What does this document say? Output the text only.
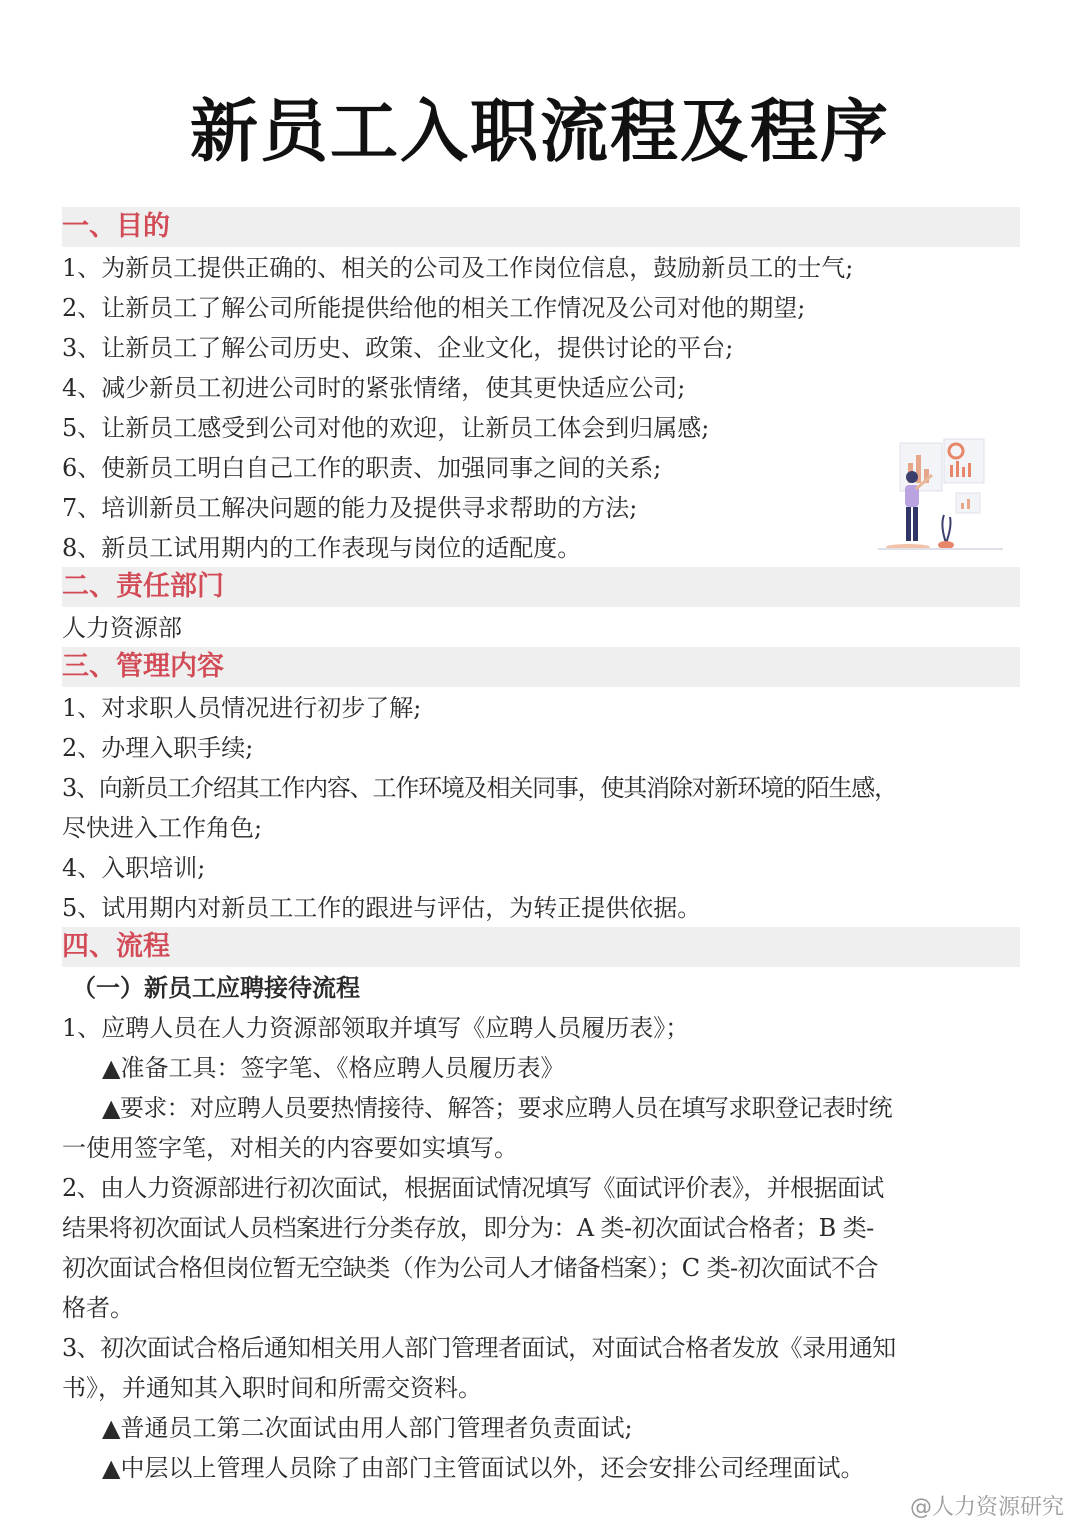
新员工入职流程及程序
一、目的
1、为新员工提供正确的、相关的公司及工作岗位信息，鼓励新员工的士气;
2、让新员工了解公司所能提供给他的相关工作情况及公司对他的期望;
3、让新员工了解公司历史、政策、企业文化，提供讨论的平台;
4、减少新员工初进公司时的紧张情绪，使其更快适应公司;
5、让新员工感受到公司对他的欢迎，让新员工体会到归属感;
6、使新员工明白自己工作的职责、加强同事之间的关系;
7、培训新员工解决问题的能力及提供寻求帮助的方法;
8、新员工试用期内的工作表现与岗位的适配度。
二、责任部门
人力资源部
三、管理内容
1、对求职人员情况进行初步了解;
2、办理入职手续;
3、向新员工介绍其工作内容、工作环境及相关同事，使其消除对新环境的陌生感，
尽快进入工作角色;
4、入职培训;
5、试用期内对新员工工作的跟进与评估，为转正提供依据。
四、流程
（一）新员工应聘接待流程
1、应聘人员在人力资源部领取并填写《应聘人员履历表》；
▲准备工具：签字笔、《格应聘人员履历表》
▲要求：对应聘人员要热情接待、解答；要求应聘人员在填写求职登记表时统
一使用签字笔，对相关的内容要如实填写。
2、由人力资源部进行初次面试，根据面试情况填写《面试评价表》，并根据面试
结果将初次面试人员档案进行分类存放，即分为：A 类-初次面试合格者；B 类-
初次面试合格但岗位暂无空缺类（作为公司人才储备档案）；C 类-初次面试不合
格者。
3、初次面试合格后通知相关用人部门管理者面试，对面试合格者发放《录用通知
书》，并通知其入职时间和所需交资料。
▲普通员工第二次面试由用人部门管理者负责面试;
▲中层以上管理人员除了由部门主管面试以外，还会安排公司经理面试。
@人力资源研究
